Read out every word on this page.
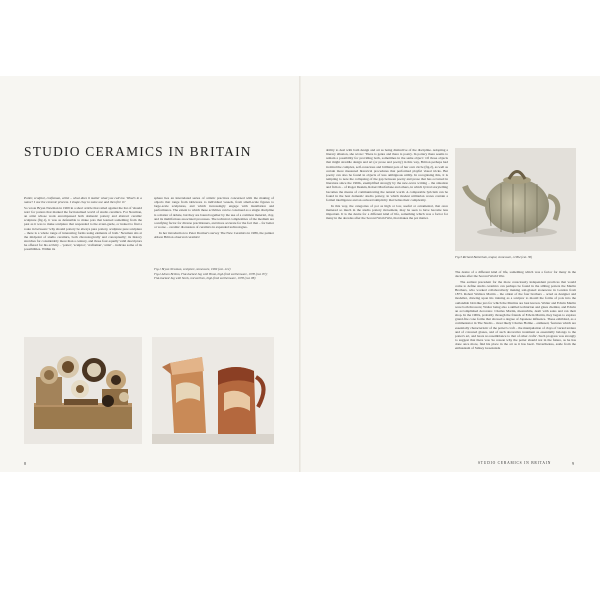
STUDIO CERAMICS IN BRITAIN

Potter, sculptor, craftsman, artist – what does it matter what you call me. What's in a name? I use the ceramic process. I shape clay to some use and then fire it?

So wrote Bryan Newman in 1969 in a short article that railed against the list of 'should nots' for potters that marked the factionalised world of studio ceramics. For Newman, an artist whose work encompassed both domestic pottery and abstract ceramic sculpture (fig.1), it was as defensible to make pots that learned something from the past as it was to make sculpture that responded to the avant-garde, or indeed to find a route in between: 'why should pottery be always pure pottery, sculpture pure sculpture – there is a whole range of interesting forms using elements of both.' Newman sits at the midpoint of studio ceramics, both chronologically and conceptually; its history stretches for considerably more than a century, and those four equally valid descriptors he offered for his activity – 'potter', 'sculptor', 'craftsman', 'artist' – indicate some of its possibilities. Within its

sphere lies an interrelated series of artistic practices concerned with the making of objects that range from tableware to individual vessels, from small-scale figures to large-scale sculptures, and which increasingly engage with installation and performance. The extent to which these activities can be construed as a single discipline is a matter of debate, but they are bound together by the use of a common material, clay, and its multifarious associated processes. The technical complexities of the medium are a unifying factor for diverse practitioners, and more accurate for the fact that – for better or worse – ceramic discussion of ceramics in expanded technologies.

In her introduction to Peter Dormer's survey The New Ceramics in 1986, the painter Alison Britton observed ceramics'

Fig.1 Bryan Newman, sculpture, stoneware, 1969 (cat. 212)
Fig.2 Alison Britton, Flat-backed Jug with Hook, high-fired earthenware, 1978 (cat. 87); Flat-backed Jug with Stork, red earthen, high-fired earthenware, 1978 (cat. 88)
8

ability to deal with both design and art as being distinctive of the discipline. Adopting a literary allusion, she wrote: 'There is genre and there is poetry. In pottery there seems to remain a possibility for providing both, sometimes in the same object.' Of those objects that might straddle design and art (or prose and poetry) in this way, Britton perhaps had in mind the complex, self-conscious and brilliant pots of her own circle (fig.2), as well as certain more measured historical procedures that performed playful visual tricks. But poetry can also be found in objects of less ambiguous utility. In recognising this, it is tempting to note the collapsing of the gap between poetry and prose that has occurred in literature since the 1960s, exemplified strongly by the new-wave writing – the situation and fiction – of Roger Deakin, Robert Macfarlane and others, in which lyrical storytelling becomes the means of communicating the natural world. A comparable lyricism can be found in the best domestic studio pottery, in which modest utilitarian wares contain a formal intelligence and an outward simplicity that belies their complexity.

In this way, the categories of pot as high or low, useful or ornamental, that once mattered so much in the studio pottery movement, may be seen to have become less important. It is the desire for a different kind of life, something which was a factor for many in the decades after the Second World War, that makes the pot matter.

Fig.3 Richard Batterham, teapot, stoneware, c1964 (cat. 36)

The desire of a different kind of life, something which was a factor for many in the decades after the Second World War.

The earliest precedent for the more consciously independent practices that would come to define studio ceramics can perhaps be found in the sibling potters the Martin Brothers, who worked collaboratively making salt-glazed stoneware in London from 1873. Robert Wallace Martin – the oldest of the four brothers – acted as designer and modeller, drawing upon his training as a sculptor to mould the forms of pots into the outlandish bird-like jars for which the Martins are best known. Walter and Edwin Martin were both throwers; Walter being also a skilled technician and glaze chemist, and Edwin an accomplished decorator. Charles Martin, meanwhile, dealt with sales and ran their shop. In the 1900s, probably through the friends of Edwin Martin, they began to explore grand-fire cone forms that showed a degree of Japanese influence. These exhibited, as a commentator in The Studio – most likely Charles Holme – enthused, 'features which are essentially characteristic of the potter's craft – the manipulation of clays of varied texture and of coloured glazes, and of such decorative treatment as essentially belongs to the potter's art, and bears no resemblance to that of other crafts'. Such progress was strongly to suggest that there was 'no reason why the potter should not in the future, as he has done once more, find his place in the art as it has been'. Nevertheless, aside from the enthusiasm of Sidney Greenslade

STUDIO CERAMICS IN BRITAIN	9
